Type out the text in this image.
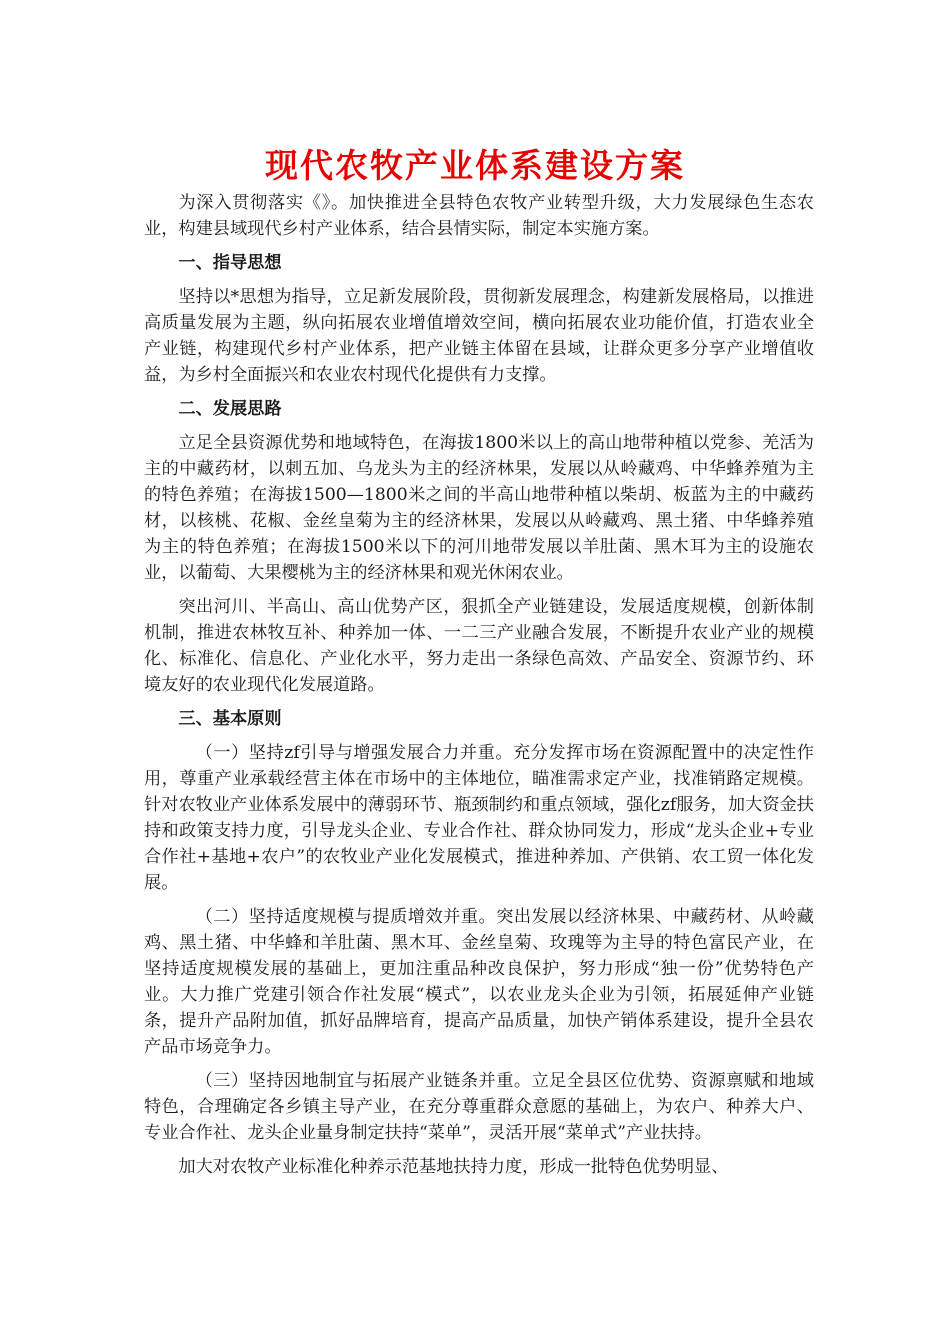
现代农牧产业体系建设方案

为深入贯彻落实《》。加快推进全县特色农牧产业转型升级，大力发展绿色生态农业，构建县域现代乡村产业体系，结合县情实际，制定本实施方案。

一、指导思想

坚持以*思想为指导，立足新发展阶段，贯彻新发展理念，构建新发展格局，以推进高质量发展为主题，纵向拓展农业增值增效空间，横向拓展农业功能价值，打造农业全产业链，构建现代乡村产业体系，把产业链主体留在县域，让群众更多分享产业增值收益，为乡村全面振兴和农业农村现代化提供有力支撑。

二、发展思路

立足全县资源优势和地域特色，在海拔1800米以上的高山地带种植以党参、羌活为主的中藏药材，以刺五加、乌龙头为主的经济林果，发展以从岭藏鸡、中华蜂养殖为主的特色养殖；在海拔1500—1800米之间的半高山地带种植以柴胡、板蓝为主的中藏药材，以核桃、花椒、金丝皇菊为主的经济林果，发展以从岭藏鸡、黑土猪、中华蜂养殖为主的特色养殖；在海拔1500米以下的河川地带发展以羊肚菌、黑木耳为主的设施农业，以葡萄、大果樱桃为主的经济林果和观光休闲农业。

突出河川、半高山、高山优势产区，狠抓全产业链建设，发展适度规模，创新体制机制，推进农林牧互补、种养加一体、一二三产业融合发展，不断提升农业产业的规模化、标准化、信息化、产业化水平，努力走出一条绿色高效、产品安全、资源节约、环境友好的农业现代化发展道路。

三、基本原则

（一）坚持zf引导与增强发展合力并重。充分发挥市场在资源配置中的决定性作用，尊重产业承载经营主体在市场中的主体地位，瞄准需求定产业，找准销路定规模。针对农牧业产业体系发展中的薄弱环节、瓶颈制约和重点领域，强化zf服务，加大资金扶持和政策支持力度，引导龙头企业、专业合作社、群众协同发力，形成“龙头企业+专业合作社+基地+农户”的农牧业产业化发展模式，推进种养加、产供销、农工贸一体化发展。

（二）坚持适度规模与提质增效并重。突出发展以经济林果、中藏药材、从岭藏鸡、黑土猪、中华蜂和羊肚菌、黑木耳、金丝皇菊、玫瑰等为主导的特色富民产业，在坚持适度规模发展的基础上，更加注重品种改良保护，努力形成“独一份”优势特色产业。大力推广党建引领合作社发展“模式”，以农业龙头企业为引领，拓展延伸产业链条，提升产品附加值，抓好品牌培育，提高产品质量，加快产销体系建设，提升全县农产品市场竞争力。

（三）坚持因地制宜与拓展产业链条并重。立足全县区位优势、资源禀赋和地域特色，合理确定各乡镇主导产业，在充分尊重群众意愿的基础上，为农户、种养大户、专业合作社、龙头企业量身制定扶持“菜单”，灵活开展“菜单式”产业扶持。

加大对农牧产业标准化种养示范基地扶持力度，形成一批特色优势明显、
